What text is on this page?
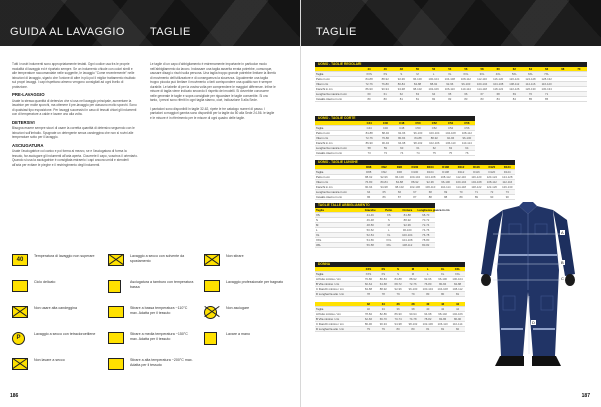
GUIDA AL LAVAGGIO TAGLIE

Tutti i nostri indumenti sono appropriatamente testati. Ogni codice usa fra le proprie modalità di lavaggio ed è riportato sempre. Se un indumento chiude con colori simili e alle temperature raccomandate nelle suggerite, le lavaggio "Come recentemente" nelle istruzioni di lavaggio, sigarlo che l'unione di altre in più poi il miglior trattamento risultato sui propri lavaggi. I capi rispettano almeno vengono consigliati ad ogni livello di protezione.

PRE-LAVAGGIO

Usate la stessa quantità di detersivo che si usa nel lavaggio principale, aumentare la lavatrice per molte sporchi, ma ottenere il pre-lavaggio per ciascuno molto sporchi. Sono di qualsiasi tipo esposizione. Per lavaggi successivi in caso di tessuti chiari gli indumenti con di temperature a calde e lavare uno alla volta.

DETERSIVI

Bisogna essere sempre sicuri di usare la corretta quantità di detersivo seguendo con le istruzioni sull'imballo. Spugnate un detergente senza candeggina che non si rovini alle temperature sotto per il lavaggio.

ASCIUGATURA

Usate l'asciugatrice col carico e poi forma ai mezzo, se e l'asciugatura di forma la tessuto, far asciugare gli indumenti all'aria aperta. Cicuerete il capo, vosotros il orientarlo. Quando si usa la asciugatrice è consigliata estraerlo i capi ancora umidi e stenderli all'aria per evitare le pieghe e il restringimento degli indumenti.

Le taglie di un capo d'abbigliamento è estremamente importante in particolar modo nell'abbigliamento da lavoro. Indossare una taglia asserita errata potrebbe, comunque, causare disagi o rischi sulla persona. Una taglia troppo grande potrebbe limitare la libertà di movimento dell'utilizzatore e di conseguenza la sicurezza. Ugualmente una taglia troppo piccola può limitare il movimento o farti corrispondere una qualità non è sempre durabile. Le tabelle di per la vostra volta per comprendere le maggiori differenze. Infine le misure di taglia viene indicato secondo il rispetto dei modelli. Si dovrebbe conoscere nelle generale le taglie e sopra consigliate per riguardare le taglie consentite. Si ora tanto, i prezzi sono riferiti in ogni taglia stanno, cioè, indicazione 5 alla Sede.

I pantaloni sono disponibili in taglie 32-62, ripete le tre catalogo numeri di passo. I pantaloni a maggiori gamba sono disponibili per la taglie da 50 alla Sede 24-56. le taglie e le misure è in riferimento per le misure di ogni quadro delle taglie.

40
Temperatura di lavaggio non superare	Lavaggio a secco con solvente da spostamento
Non stirare
Ciclo delicato	Asciugatura a tamburo con temperatura bassa
Lavaggio professionale per bagnato
Non usare alta candeggina	Stirare a bassa temperatura ~110°C max. Adatta per il tessuto
Non asciugare
P
Lavaggio a secco con tetracloroetilene	Stirare a media temperatura ~150°C max. Adatta per il tessuto
Lavare a mano
Non lavare a secco	Stirare a alta temperatura ~200°C max. Adatta per il tessuto
186
TAGLIE
UOMO - TAGLIE REGOLARI
	44	46	48	50	52	54	56	58	60	62	64	66	68	70
Taglia	XXS	XS	S	M	L	XL	XXL	3XL	4XL	5XL	6XL	7XL		
Petto in cm	84-88	88-92	92-96	96-100	100-104	104-108	108-112	112-116	116-120	120-124	124-128	128-132		
Vita in cm	72-76	76-80	80-84	84-88	88-92	92-96	96-100	100-104	104-108	108-112	112-116	116-120		
Fianchi in cm	86-90	90-94	94-98	98-102	102-106	106-110	110-114	114-118	118-122	122-126	126-130	130-134		
Lunghezza manica in cm	60	61	62	63	64	65	66	67	68	69	70	71		
Cavallo interno in cm	80	80	81	81	82	82	83	83	84	84	85	85		
UOMO - TAGLIE CORTE
	C44	C46	C48	C50	C52	C54	C56
Taglia	C44	C46	C48	C50	C52	C54	C56
Petto in cm	84-88	88-92	92-96	96-100	100-104	104-108	108-112
Vita in cm	72-76	76-80	80-84	84-88	88-92	92-96	96-100
Fianchi in cm	86-90	90-94	94-98	98-102	102-106	106-110	110-114
Lunghezza manica in cm	58	59	60	61	62	63	64
Cavallo interno in cm	73	73	74	74	75	75	76
UOMO - TAGLIE LUNGHE
	D88	D92	D96	D100	D104	D108	D112	D116	D120	D124
Taglia	D88	D92	D96	D100	D104	D108	D112	D116	D120	D124
Petto in cm	88-92	92-96	96-100	100-104	104-108	108-112	112-116	116-120	120-124	124-128
Vita in cm	76-80	80-84	84-88	88-92	92-96	96-100	100-104	104-108	108-112	112-116
Fianchi in cm	90-94	94-98	98-102	102-106	106-110	110-114	114-118	118-122	122-126	126-130
Lunghezza manica in cm	64	65	66	67	68	69	70	71	72	73
Cavallo interno in cm	86	86	87	87	88	88	89	89	90	90
TAGLIE TALLE ABBIGLIAMENTO
Taglia	Giacche	Petto	Cintura	Lunghezza giacca in cm
XS	44-46	XS	84-88	68-70
S	46-48	S	88-92	70-72
M	48-50	M	92-96	72-74
L	50-52	L	96-100	74-76
XL	52-54	XL	100-104	76-78
XXL	54-56	XXL	104-108	78-80
3XL	56-58	3XL	108-112	80-82
DONNA
	XXS	XS	S	M	L	XL	XXL
Taglia	XXS	XS	S	M	L	XL	XXL
A Petto minimo / cm	76-80	80-84	84-88	88-92	92-96	96-100	100-104
B Vita minimo / cm	60-64	64-68	68-72	72-76	76-80	80-84	84-88
C Fianchi minimo / cm	84-88	88-92	92-96	96-100	100-104	104-108	108-112
D Lunghezza arto / cm	78	78	79	79	80	80	81
	32	34	36	38	40	42	44
Taglia	32	34	36	38	40	42	44
A Petto minimo / cm	78-82	82-86	86-90	90-94	94-98	98-102	102-106
B Vita minimo / cm	62-66	66-70	70-74	74-78	78-82	82-86	86-90
C Fianchi minimo / cm	86-90	90-94	94-98	98-102	102-106	106-110	110-114
D Lunghezza arto / cm	79	79	80	80	81	81	82
A
B
C
D
187
